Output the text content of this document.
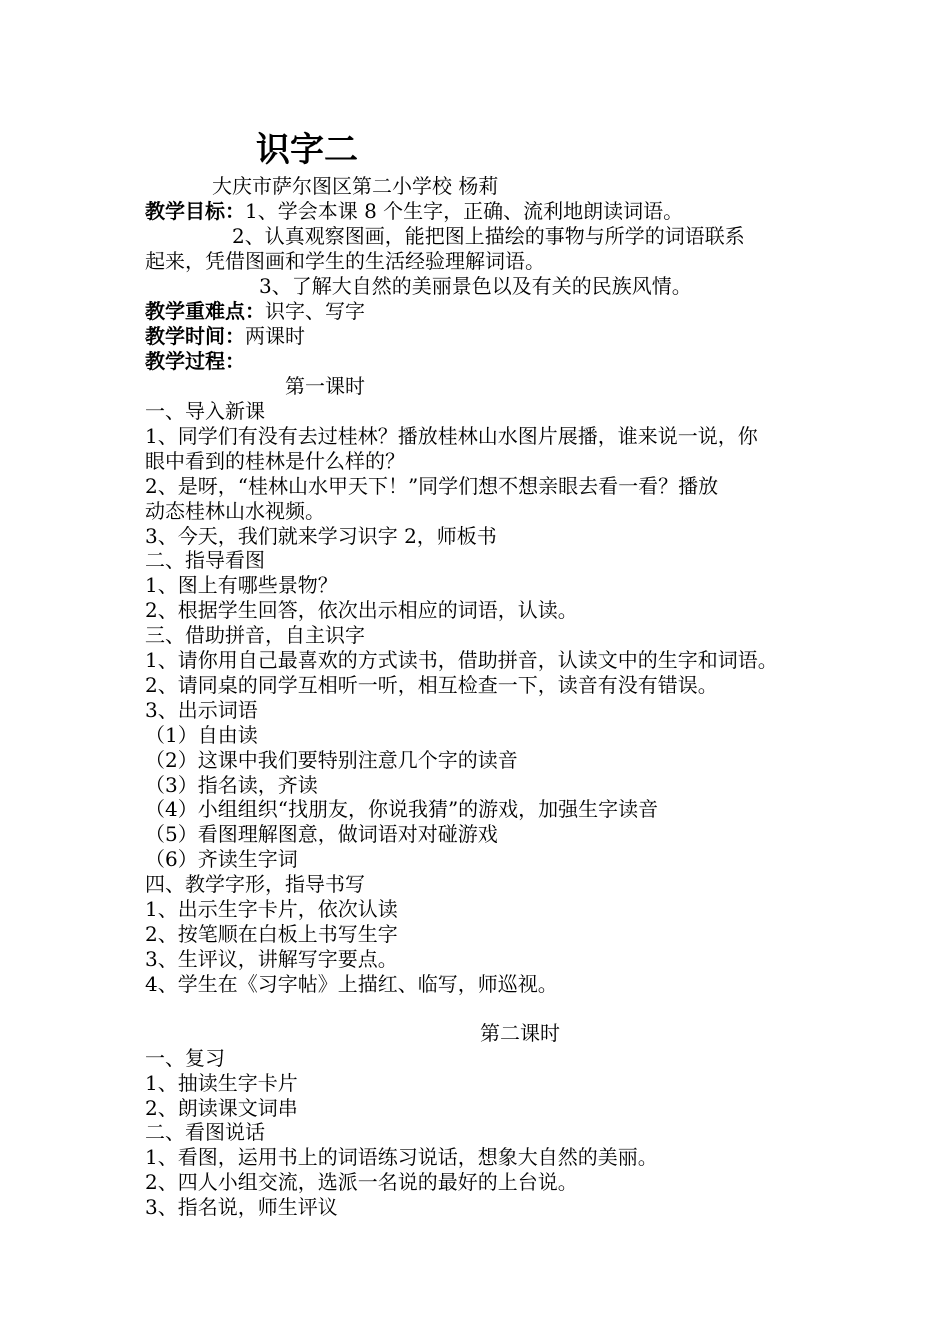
识字二
大庆市萨尔图区第二小学校 杨莉
教学目标：1、学会本课 8 个生字，正确、流利地朗读词语。
2、认真观察图画，能把图上描绘的事物与所学的词语联系
起来，凭借图画和学生的生活经验理解词语。
3、了解大自然的美丽景色以及有关的民族风情。
教学重难点：识字、写字
教学时间：两课时
教学过程：
第一课时
一、导入新课
1、同学们有没有去过桂林？播放桂林山水图片展播，谁来说一说，你
眼中看到的桂林是什么样的？
2、是呀，“桂林山水甲天下！”同学们想不想亲眼去看一看？播放
动态桂林山水视频。
3、今天，我们就来学习识字 2，师板书
二、指导看图
1、图上有哪些景物？
2、根据学生回答，依次出示相应的词语，认读。
三、借助拼音，自主识字
1、请你用自己最喜欢的方式读书，借助拼音，认读文中的生字和词语。
2、请同桌的同学互相听一听，相互检查一下，读音有没有错误。
3、出示词语
（1）自由读
（2）这课中我们要特别注意几个字的读音
（3）指名读，齐读
（4）小组组织“找朋友，你说我猜”的游戏，加强生字读音
（5）看图理解图意，做词语对对碰游戏
（6）齐读生字词
四、教学字形，指导书写
1、出示生字卡片，依次认读
2、按笔顺在白板上书写生字
3、生评议，讲解写字要点。
4、学生在《习字帖》上描红、临写，师巡视。
第二课时
一、复习
1、抽读生字卡片
2、朗读课文词串
二、看图说话
1、看图，运用书上的词语练习说话，想象大自然的美丽。
2、四人小组交流，选派一名说的最好的上台说。
3、指名说，师生评议
